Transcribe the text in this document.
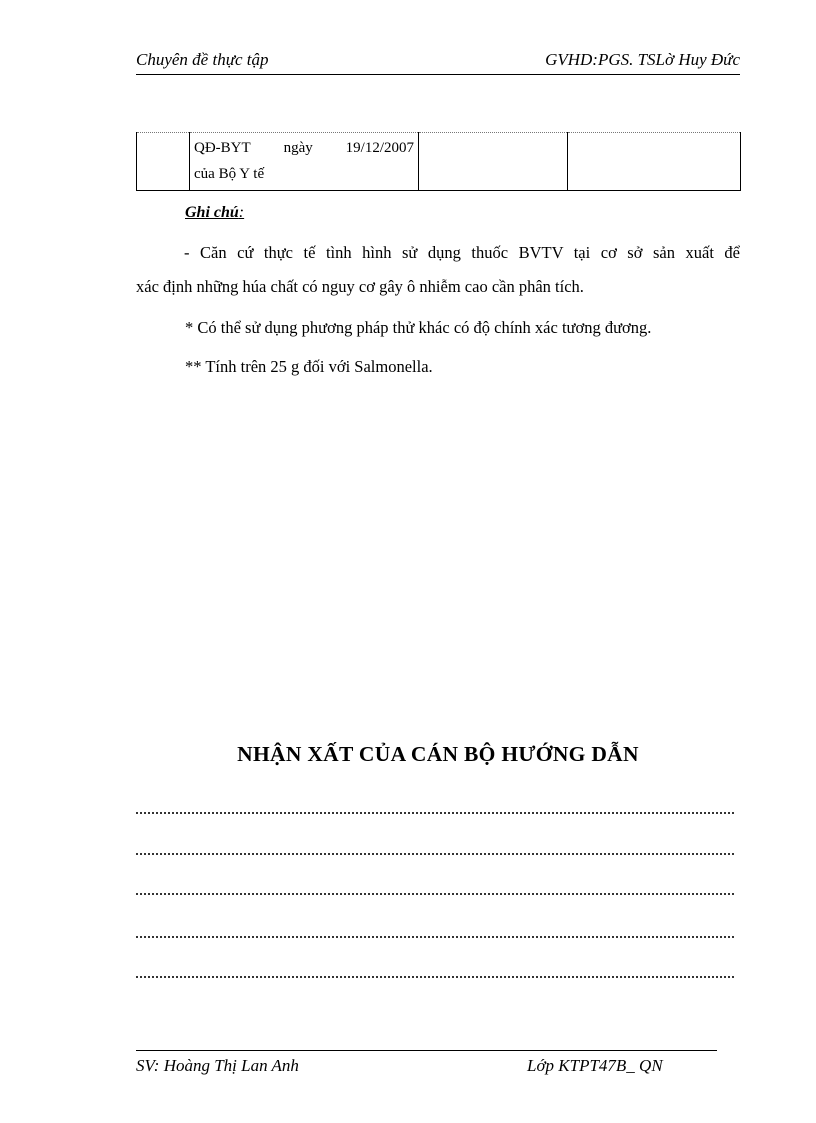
Chuyên đề thực tập	GVHD:PGS. TSLờ Huy Đức

QĐ-BYT ngày 19/12/2007
của Bộ Y tế

Ghi chú:
- Căn cứ thực tế tình hình sử dụng thuốc BVTV tại cơ sở sản xuất để
xác định những húa chất có nguy cơ gây ô nhiễm cao cần phân tích.
* Có thể sử dụng phương pháp thử khác có độ chính xác tương đương.
** Tính trên 25 g đối với Salmonella.
NHẬN XẤT CỦA CÁN BỘ HƯỚNG DẪN
SV: Hoàng Thị Lan Anh	Lớp KTPT47B_ QN
